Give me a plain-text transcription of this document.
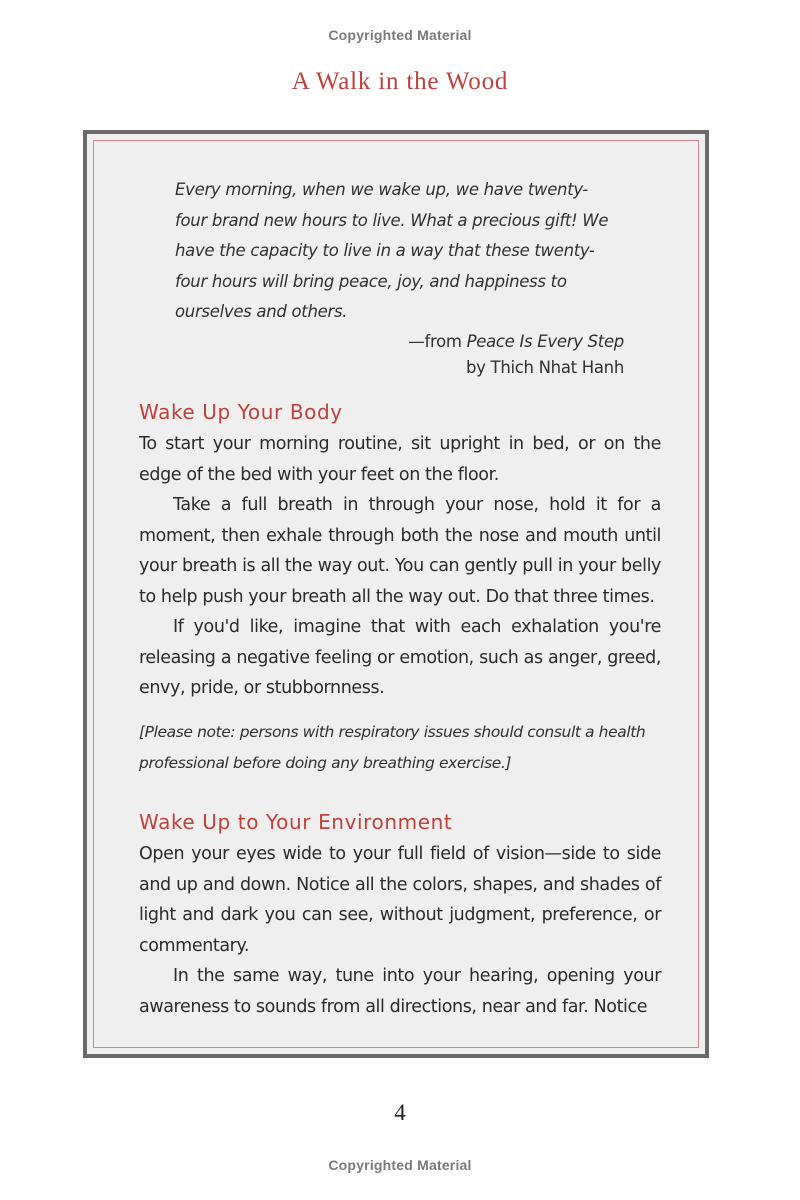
Copyrighted Material
A Walk in the Wood
Every morning, when we wake up, we have twenty-
four brand new hours to live. What a precious gift! We
have the capacity to live in a way that these twenty-
four hours will bring peace, joy, and happiness to
ourselves and others.
—from Peace Is Every Step
by Thich Nhat Hanh
Wake Up Your Body

To start your morning routine, sit upright in bed, or on the edge of the bed with your feet on the floor.

Take a full breath in through your nose, hold it for a moment, then exhale through both the nose and mouth until your breath is all the way out. You can gently pull in your belly to help push your breath all the way out. Do that three times.

If you'd like, imagine that with each exhalation you're releasing a negative feeling or emotion, such as anger, greed, envy, pride, or stubbornness.

[Please note: persons with respiratory issues should consult a health professional before doing any breathing exercise.]
Wake Up to Your Environment

Open your eyes wide to your full field of vision—side to side and up and down. Notice all the colors, shapes, and shades of light and dark you can see, without judgment, preference, or commentary.

In the same way, tune into your hearing, opening your awareness to sounds from all directions, near and far. Notice

4
Copyrighted Material
